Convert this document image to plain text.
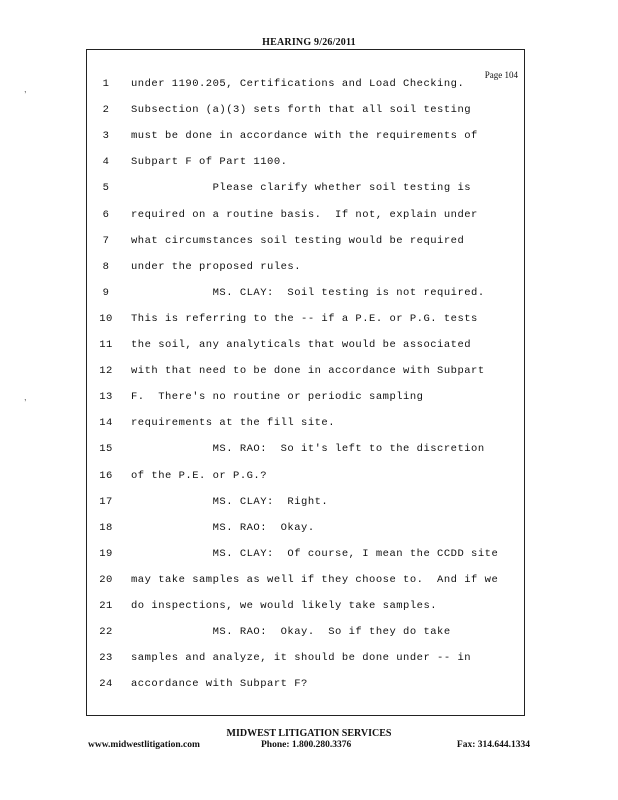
HEARING 9/26/2011
,
,
Page 104
1	under 1190.205, Certifications and Load Checking.
2	Subsection (a)(3) sets forth that all soil testing
3	must be done in accordance with the requirements of
4	Subpart F of Part 1100.
5	Please clarify whether soil testing is
6	required on a routine basis.  If not, explain under
7	what circumstances soil testing would be required
8	under the proposed rules.
9	MS. CLAY:  Soil testing is not required.
10	This is referring to the -- if a P.E. or P.G. tests
11	the soil, any analyticals that would be associated
12	with that need to be done in accordance with Subpart
13	F.  There's no routine or periodic sampling
14	requirements at the fill site.
15	MS. RAO:  So it's left to the discretion
16	of the P.E. or P.G.?
17	MS. CLAY:  Right.
18	MS. RAO:  Okay.
19	MS. CLAY:  Of course, I mean the CCDD site
20	may take samples as well if they choose to.  And if we
21	do inspections, we would likely take samples.
22	MS. RAO:  Okay.  So if they do take
23	samples and analyze, it should be done under -- in
24	accordance with Subpart F?
MIDWEST LITIGATION SERVICES
www.midwestlitigation.com	Phone: 1.800.280.3376	Fax: 314.644.1334
